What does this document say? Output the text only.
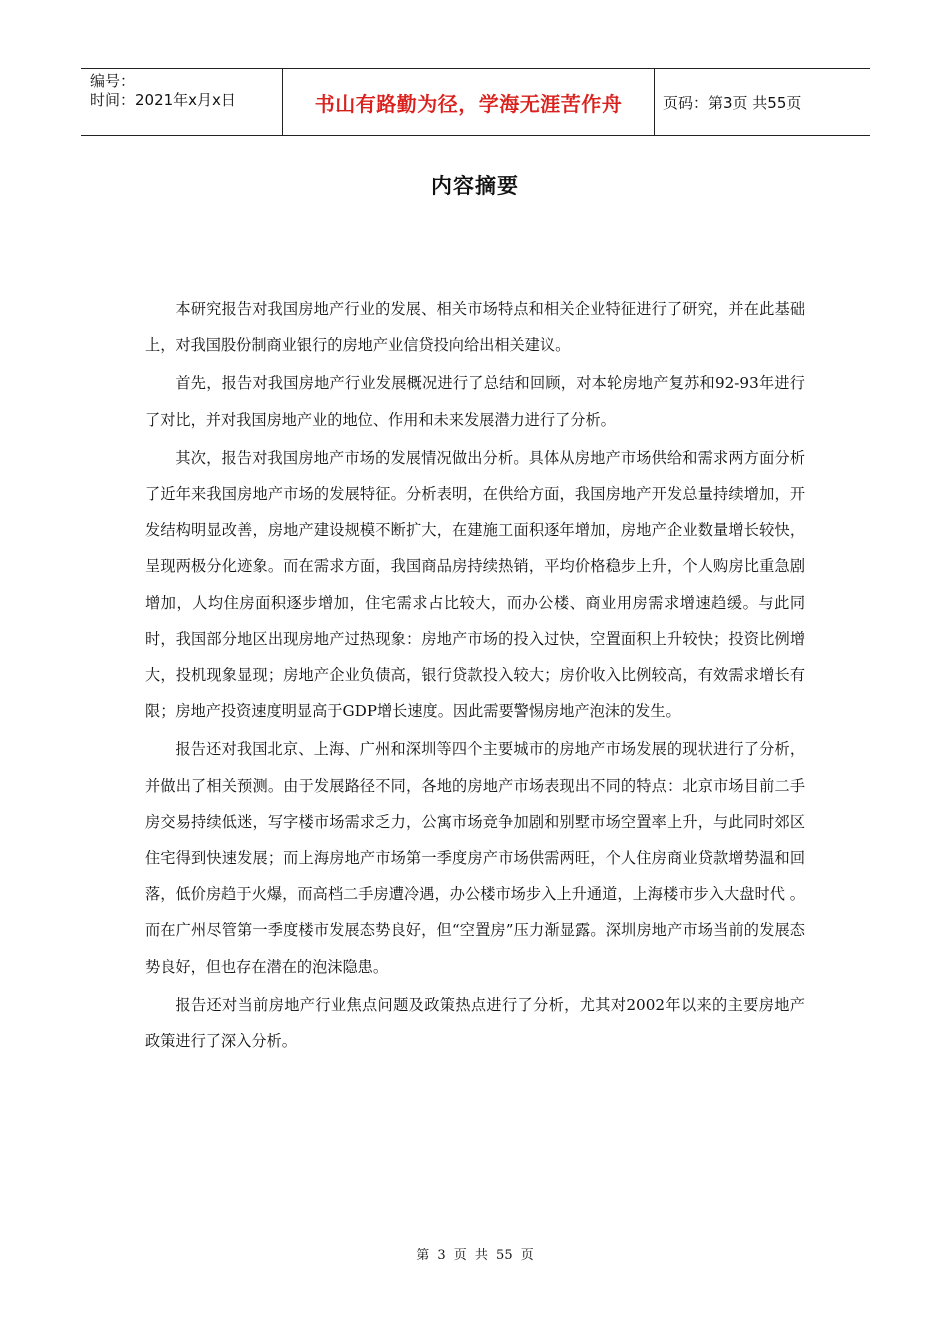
编号：
时间：2021年x月x日	书山有路勤为径，学海无涯苦作舟	页码：第3页 共55页
内容摘要

本研究报告对我国房地产行业的发展、相关市场特点和相关企业特征进行了研究，并在此基础上，对我国股份制商业银行的房地产业信贷投向给出相关建议。

首先，报告对我国房地产行业发展概况进行了总结和回顾，对本轮房地产复苏和92-93年进行了对比，并对我国房地产业的地位、作用和未来发展潜力进行了分析。

其次，报告对我国房地产市场的发展情况做出分析。具体从房地产市场供给和需求两方面分析了近年来我国房地产市场的发展特征。分析表明，在供给方面，我国房地产开发总量持续增加，开发结构明显改善，房地产建设规模不断扩大，在建施工面积逐年增加，房地产企业数量增长较快，呈现两极分化迹象。而在需求方面，我国商品房持续热销，平均价格稳步上升，个人购房比重急剧增加，人均住房面积逐步增加，住宅需求占比较大，而办公楼、商业用房需求增速趋缓。与此同时，我国部分地区出现房地产过热现象：房地产市场的投入过快，空置面积上升较快；投资比例增大，投机现象显现；房地产企业负债高，银行贷款投入较大；房价收入比例较高，有效需求增长有限；房地产投资速度明显高于GDP增长速度。因此需要警惕房地产泡沫的发生。

报告还对我国北京、上海、广州和深圳等四个主要城市的房地产市场发展的现状进行了分析，并做出了相关预测。由于发展路径不同，各地的房地产市场表现出不同的特点：北京市场目前二手房交易持续低迷，写字楼市场需求乏力，公寓市场竞争加剧和别墅市场空置率上升，与此同时郊区住宅得到快速发展；而上海房地产市场第一季度房产市场供需两旺，个人住房商业贷款增势温和回落，低价房趋于火爆，而高档二手房遭冷遇，办公楼市场步入上升通道，上海楼市步入大盘时代 。而在广州尽管第一季度楼市发展态势良好，但“空置房”压力渐显露。深圳房地产市场当前的发展态势良好，但也存在潜在的泡沫隐患。

报告还对当前房地产行业焦点问题及政策热点进行了分析，尤其对2002年以来的主要房地产政策进行了深入分析。

第 3 页 共 55 页
